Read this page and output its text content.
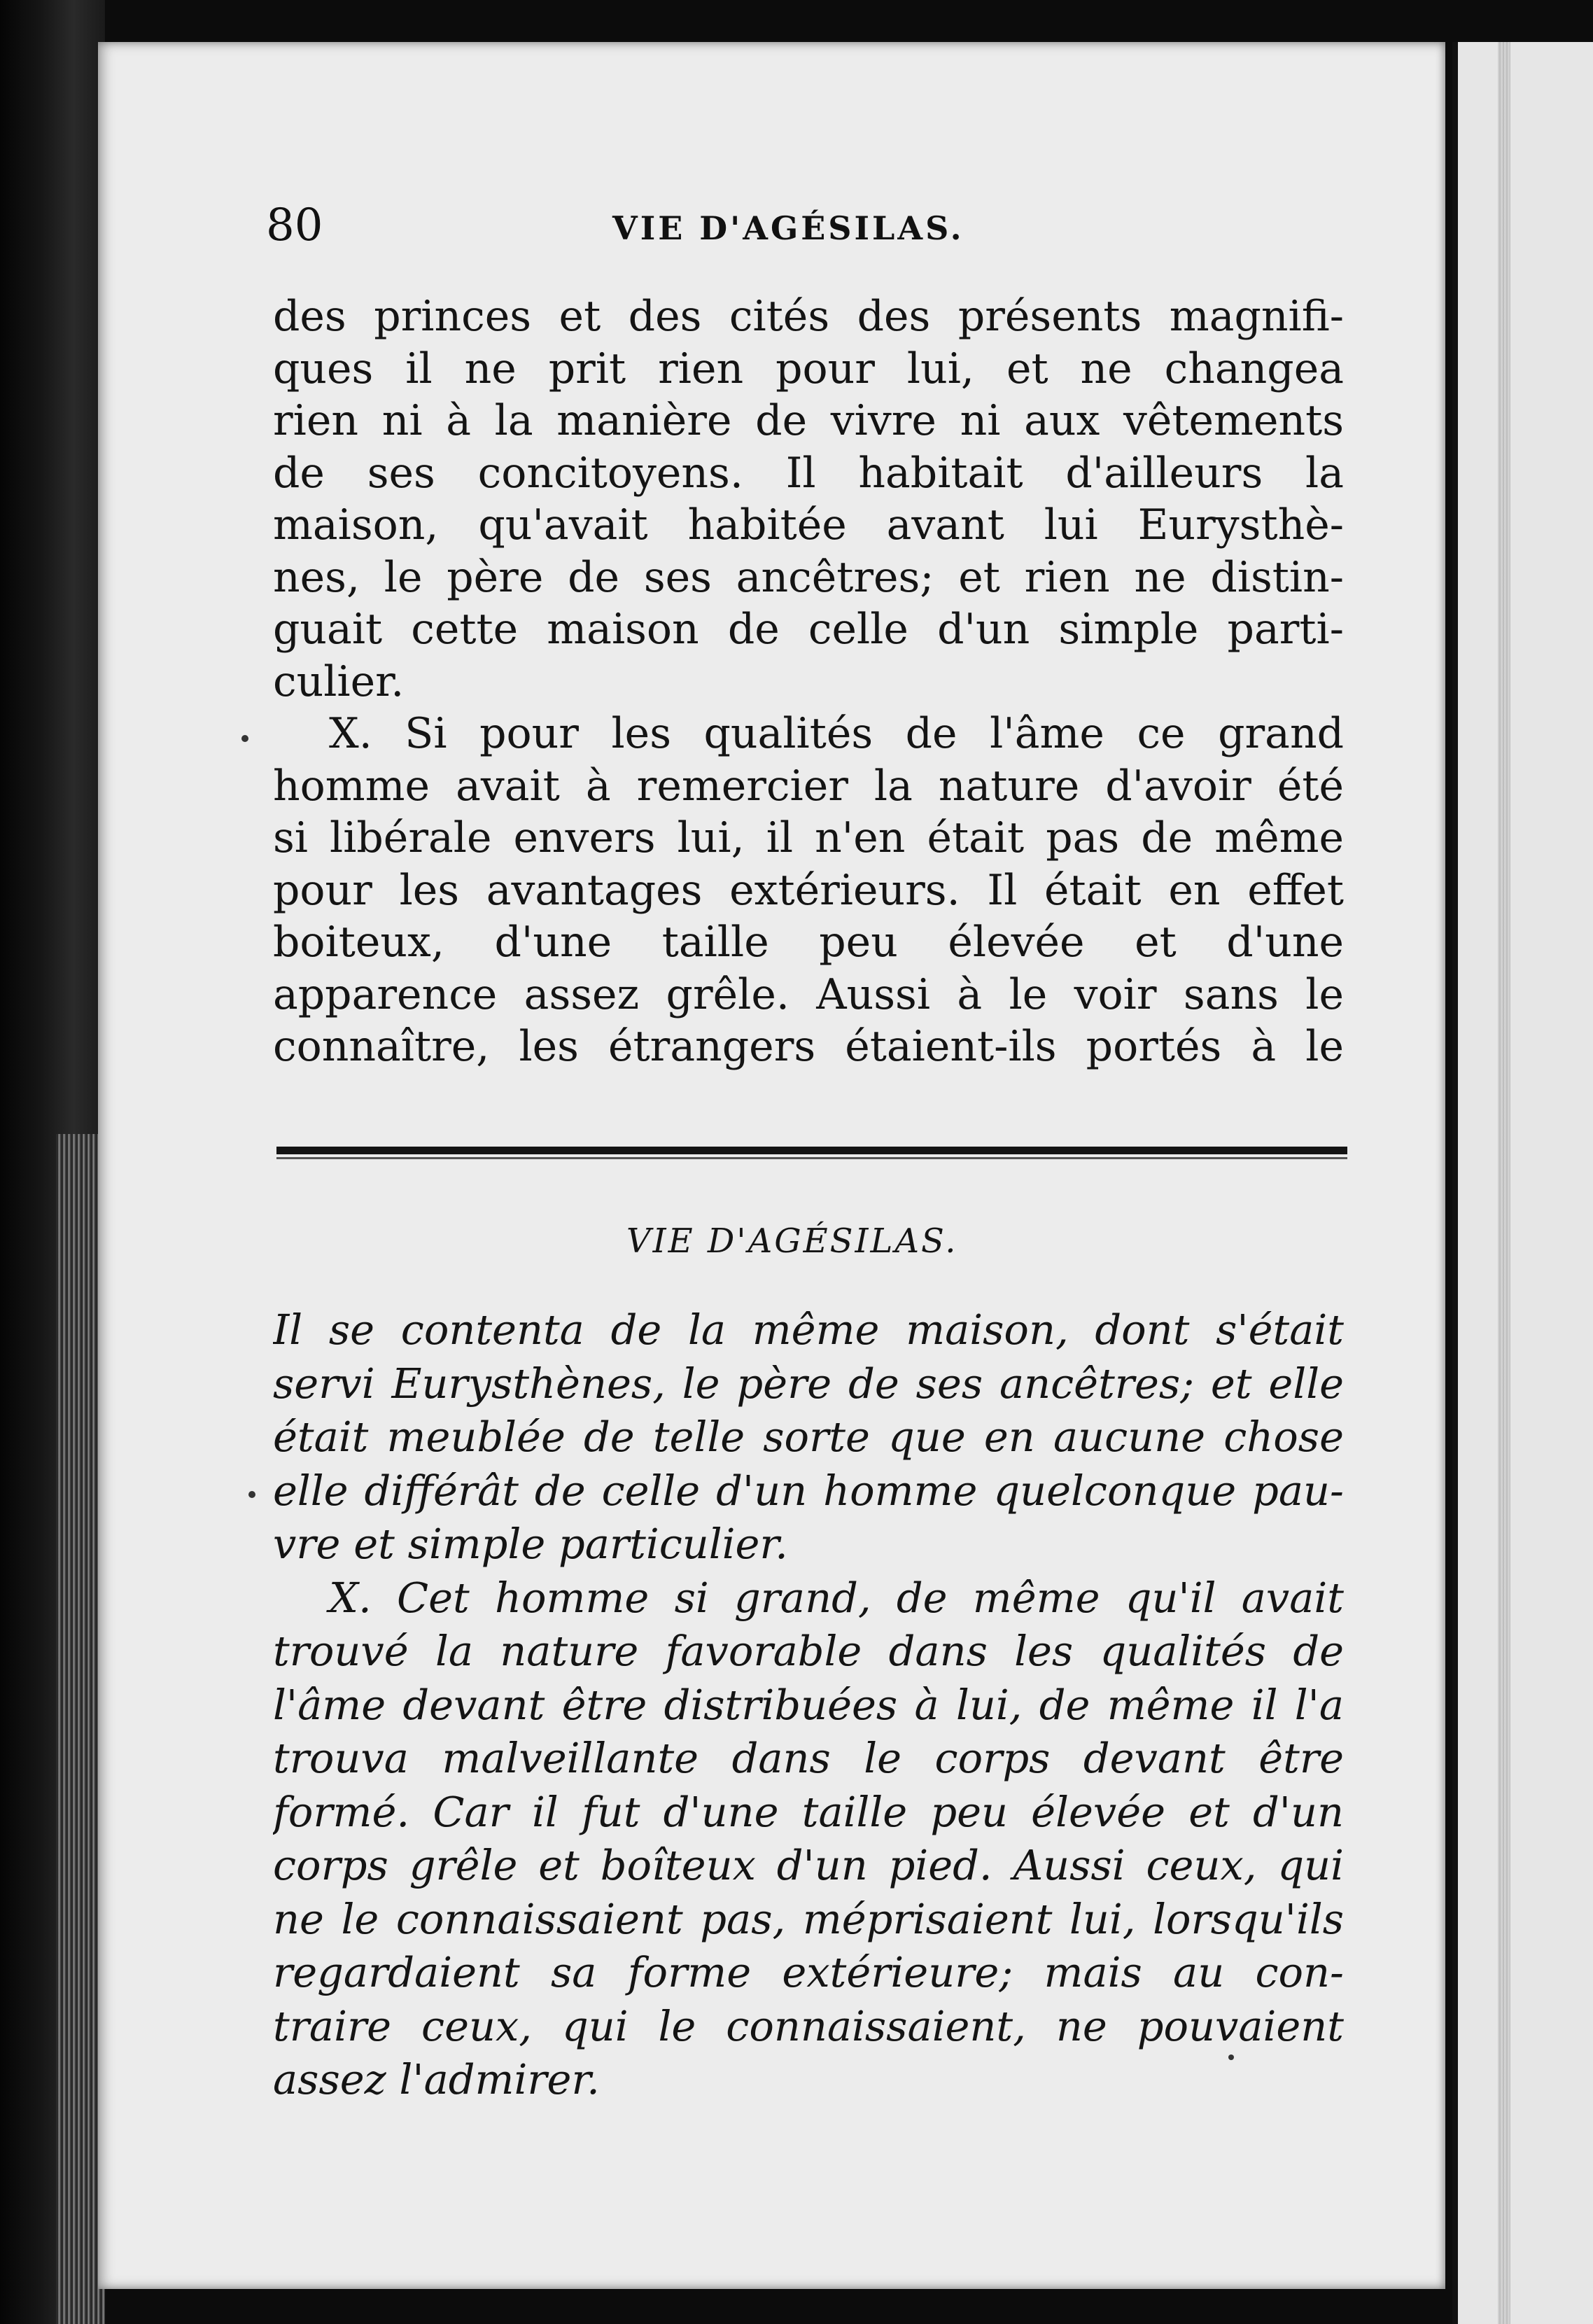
80	VIE D'AGÉSILAS.
des princes et des cités des présents magnifi-
ques il ne prit rien pour lui, et ne changea
rien ni à la manière de vivre ni aux vêtements
de ses concitoyens. Il habitait d'ailleurs la
maison, qu'avait habitée avant lui Eurysthè-
nes, le père de ses ancêtres; et rien ne distin-
guait cette maison de celle d'un simple parti-
culier.
X. Si pour les qualités de l'âme ce grand
homme avait à remercier la nature d'avoir été
si libérale envers lui, il n'en était pas de même
pour les avantages extérieurs. Il était en effet
boiteux, d'une taille peu élevée et d'une
apparence assez grêle. Aussi à le voir sans le
connaître, les étrangers étaient-ils portés à le
VIE D'AGÉSILAS.
Il se contenta de la même maison, dont s'était
servi Eurysthènes, le père de ses ancêtres; et elle
était meublée de telle sorte que en aucune chose
elle différât de celle d'un homme quelconque pau-
vre et simple particulier.
X. Cet homme si grand, de même qu'il avait
trouvé la nature favorable dans les qualités de
l'âme devant être distribuées à lui, de même il l'a
trouva malveillante dans le corps devant être
formé. Car il fut d'une taille peu élevée et d'un
corps grêle et boîteux d'un pied. Aussi ceux, qui
ne le connaissaient pas, méprisaient lui, lorsqu'ils
regardaient sa forme extérieure; mais au con-
traire ceux, qui le connaissaient, ne pouvaient
assez l'admirer.
